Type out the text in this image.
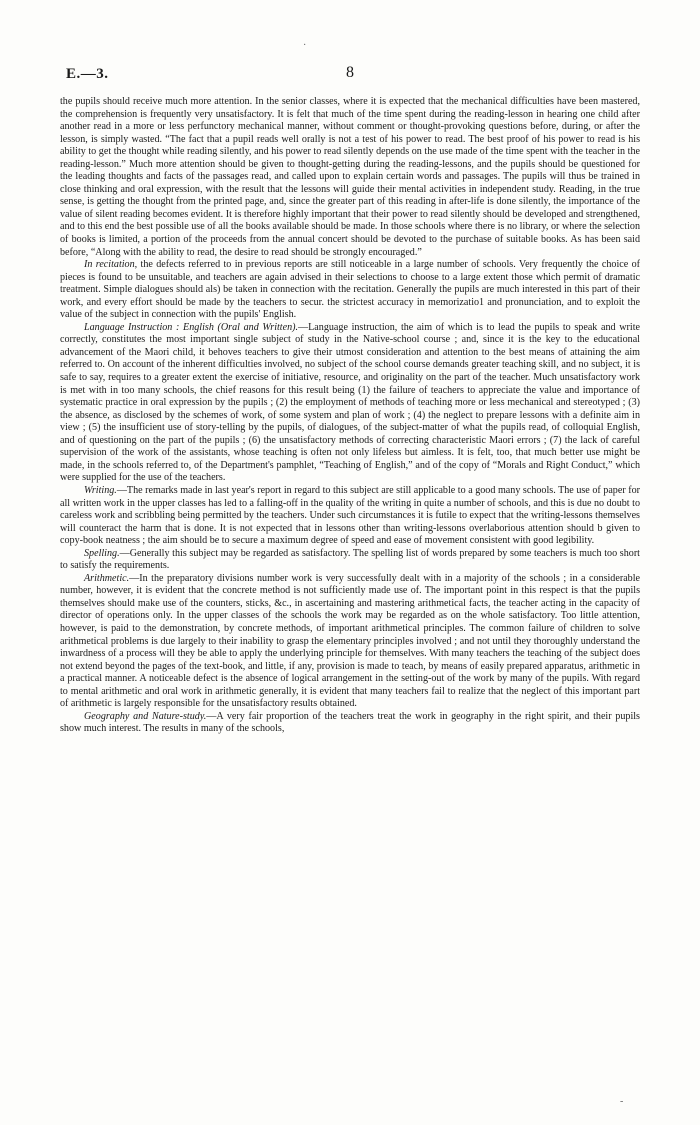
·
-
E.—3.	8

the pupils should receive much more attention. In the senior classes, where it is expected that the mechanical difficulties have been mastered, the comprehension is frequently very unsatisfactory. It is felt that much of the time spent during the reading-lesson in hearing one child after another read in a more or less perfunctory mechanical manner, without comment or thought-provoking questions before, during, or after the lesson, is simply wasted. “The fact that a pupil reads well orally is not a test of his power to read. The best proof of his power to read is his ability to get the thought while reading silently, and his power to read silently depends on the use made of the time spent with the teacher in the reading-lesson.” Much more attention should be given to thought-getting during the reading-lessons, and the pupils should be questioned for the leading thoughts and facts of the passages read, and called upon to explain certain words and passages. The pupils will thus be trained in close thinking and oral expression, with the result that the lessons will guide their mental activities in independent study. Reading, in the true sense, is getting the thought from the printed page, and, since the greater part of this reading in after-life is done silently, the importance of the value of silent reading becomes evident. It is therefore highly important that their power to read silently should be developed and strengthened, and to this end the best possible use of all the books available should be made. In those schools where there is no library, or where the selection of books is limited, a portion of the proceeds from the annual concert should be devoted to the purchase of suitable books. As has been said before, “Along with the ability to read, the desire to read should be strongly encouraged.”

In recitation, the defects referred to in previous reports are still noticeable in a large number of schools. Very frequently the choice of pieces is found to be unsuitable, and teachers are again advised in their selections to choose to a large extent those which permit of dramatic treatment. Simple dialogues should als) be taken in connection with the recitation. Generally the pupils are much interested in this part of their work, and every effort should be made by the teachers to secur. the strictest accuracy in memorizatio1 and pronunciation, and to exploit the value of the subject in connection with the pupils' English.

Language Instruction : English (Oral and Written).—Language instruction, the aim of which is to lead the pupils to speak and write correctly, constitutes the most important single subject of study in the Native-school course ; and, since it is the key to the educational advancement of the Maori child, it behoves teachers to give their utmost consideration and attention to the best means of attaining the aim referred to. On account of the inherent difficulties involved, no subject of the school course demands greater teaching skill, and no subject, it is safe to say, requires to a greater extent the exercise of initiative, resource, and originality on the part of the teacher. Much unsatisfactory work is met with in too many schools, the chief reasons for this result being (1) the failure of teachers to appreciate the value and importance of systematic practice in oral expression by the pupils ; (2) the employment of methods of teaching more or less mechanical and stereotyped ; (3) the absence, as disclosed by the schemes of work, of some system and plan of work ; (4) the neglect to prepare lessons with a definite aim in view ; (5) the insufficient use of story-telling by the pupils, of dialogues, of the subject-matter of what the pupils read, of colloquial English, and of questioning on the part of the pupils ; (6) the unsatisfactory methods of correcting characteristic Maori errors ; (7) the lack of careful supervision of the work of the assistants, whose teaching is often not only lifeless but aimless. It is felt, too, that much better use might be made, in the schools referred to, of the Department's pamphlet, “Teaching of English,” and of the copy of “Morals and Right Conduct,” which were supplied for the use of the teachers.

Writing.—The remarks made in last year's report in regard to this subject are still applicable to a good many schools. The use of paper for all written work in the upper classes has led to a falling-off in the quality of the writing in quite a number of schools, and this is due no doubt to careless work and scribbling being permitted by the teachers. Under such circumstances it is futile to expect that the writing-lessons themselves will counteract the harm that is done. It is not expected that in lessons other than writing-lessons overlaborious attention should b given to copy-book neatness ; the aim should be to secure a maximum degree of speed and ease of movement consistent with good legibility.

Spelling.—Generally this subject may be regarded as satisfactory. The spelling list of words prepared by some teachers is much too short to satisfy the requirements.

Arithmetic.—In the preparatory divisions number work is very successfully dealt with in a majority of the schools ; in a considerable number, however, it is evident that the concrete method is not sufficiently made use of. The important point in this respect is that the pupils themselves should make use of the counters, sticks, &c., in ascertaining and mastering arithmetical facts, the teacher acting in the capacity of director of operations only. In the upper classes of the schools the work may be regarded as on the whole satisfactory. Too little attention, however, is paid to the demonstration, by concrete methods, of important arithmetical principles. The common failure of children to solve arithmetical problems is due largely to their inability to grasp the elementary principles involved ; and not until they thoroughly understand the inwardness of a process will they be able to apply the underlying principle for themselves. With many teachers the teaching of the subject does not extend beyond the pages of the text-book, and little, if any, provision is made to teach, by means of easily prepared apparatus, arithmetic in a practical manner. A noticeable defect is the absence of logical arrangement in the setting-out of the work by many of the pupils. With regard to mental arithmetic and oral work in arithmetic generally, it is evident that many teachers fail to realize that the neglect of this important part of arithmetic is largely responsible for the unsatisfactory results obtained.

Geography and Nature-study.—A very fair proportion of the teachers treat the work in geography in the right spirit, and their pupils show much interest. The results in many of the schools,
